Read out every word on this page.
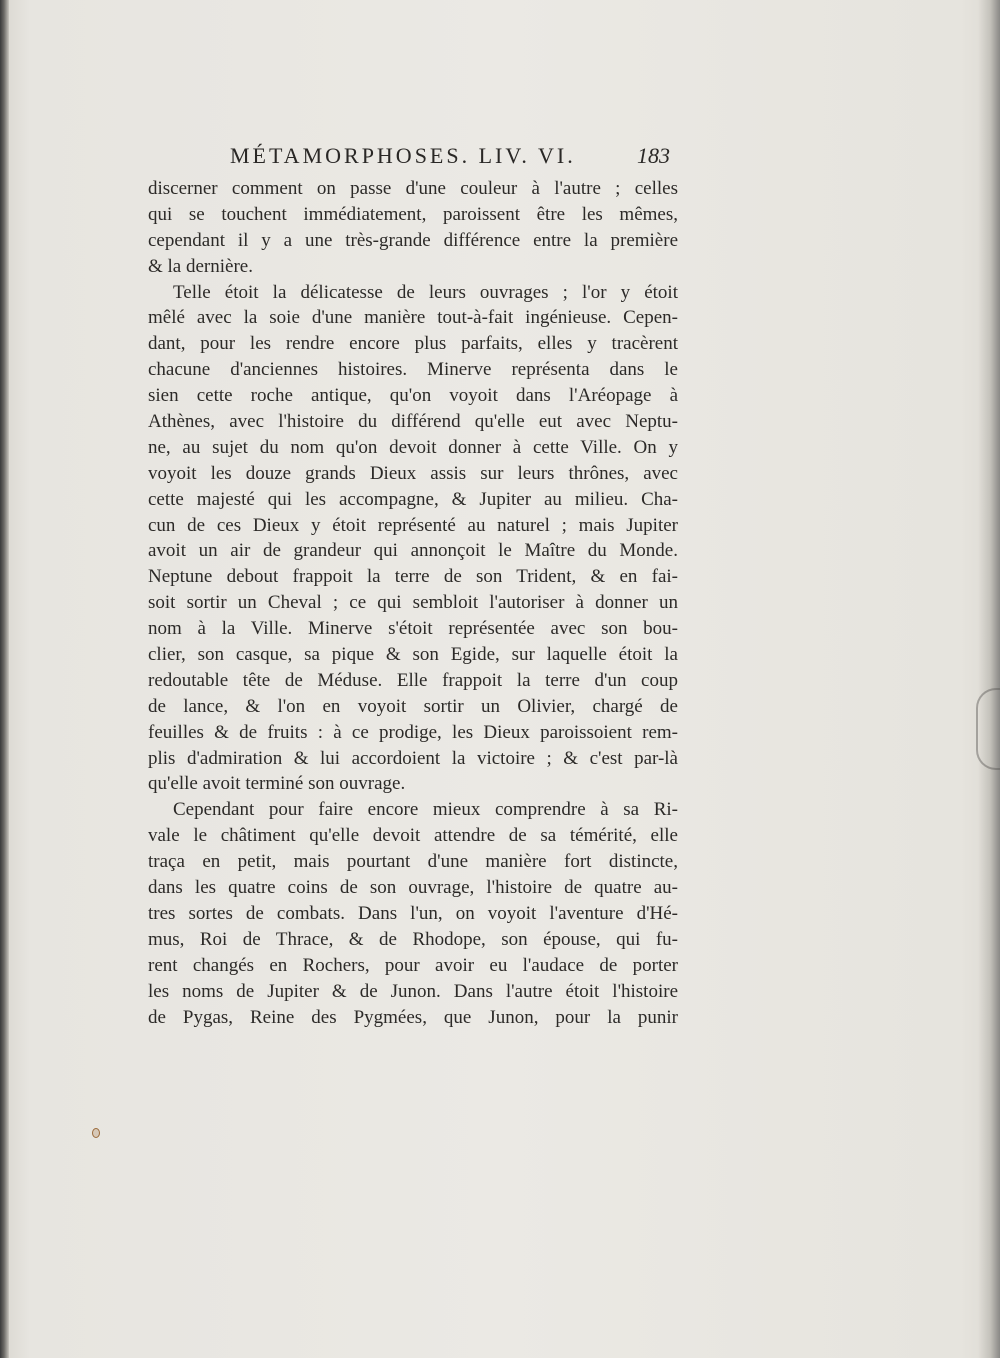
MÉTAMORPHOSES. LIV. VI.	183
discerner comment on passe d'une couleur à l'autre ; celles
qui se touchent immédiatement, paroissent être les mêmes,
cependant il y a une très-grande différence entre la première
& la dernière.
Telle étoit la délicatesse de leurs ouvrages ; l'or y étoit
mêlé avec la soie d'une manière tout-à-fait ingénieuse. Cepen-
dant, pour les rendre encore plus parfaits, elles y tracèrent
chacune d'anciennes histoires. Minerve représenta dans le
sien cette roche antique, qu'on voyoit dans l'Aréopage à
Athènes, avec l'histoire du différend qu'elle eut avec Neptu-
ne, au sujet du nom qu'on devoit donner à cette Ville. On y
voyoit les douze grands Dieux assis sur leurs thrônes, avec
cette majesté qui les accompagne, & Jupiter au milieu. Cha-
cun de ces Dieux y étoit représenté au naturel ; mais Jupiter
avoit un air de grandeur qui annonçoit le Maître du Monde.
Neptune debout frappoit la terre de son Trident, & en fai-
soit sortir un Cheval ; ce qui sembloit l'autoriser à donner un
nom à la Ville. Minerve s'étoit représentée avec son bou-
clier, son casque, sa pique & son Egide, sur laquelle étoit la
redoutable tête de Méduse. Elle frappoit la terre d'un coup
de lance, & l'on en voyoit sortir un Olivier, chargé de
feuilles & de fruits : à ce prodige, les Dieux paroissoient rem-
plis d'admiration & lui accordoient la victoire ; & c'est par-là
qu'elle avoit terminé son ouvrage.
Cependant pour faire encore mieux comprendre à sa Ri-
vale le châtiment qu'elle devoit attendre de sa témérité, elle
traça en petit, mais pourtant d'une manière fort distincte,
dans les quatre coins de son ouvrage, l'histoire de quatre au-
tres sortes de combats. Dans l'un, on voyoit l'aventure d'Hé-
mus, Roi de Thrace, & de Rhodope, son épouse, qui fu-
rent changés en Rochers, pour avoir eu l'audace de porter
les noms de Jupiter & de Junon. Dans l'autre étoit l'histoire
de Pygas, Reine des Pygmées, que Junon, pour la punir
